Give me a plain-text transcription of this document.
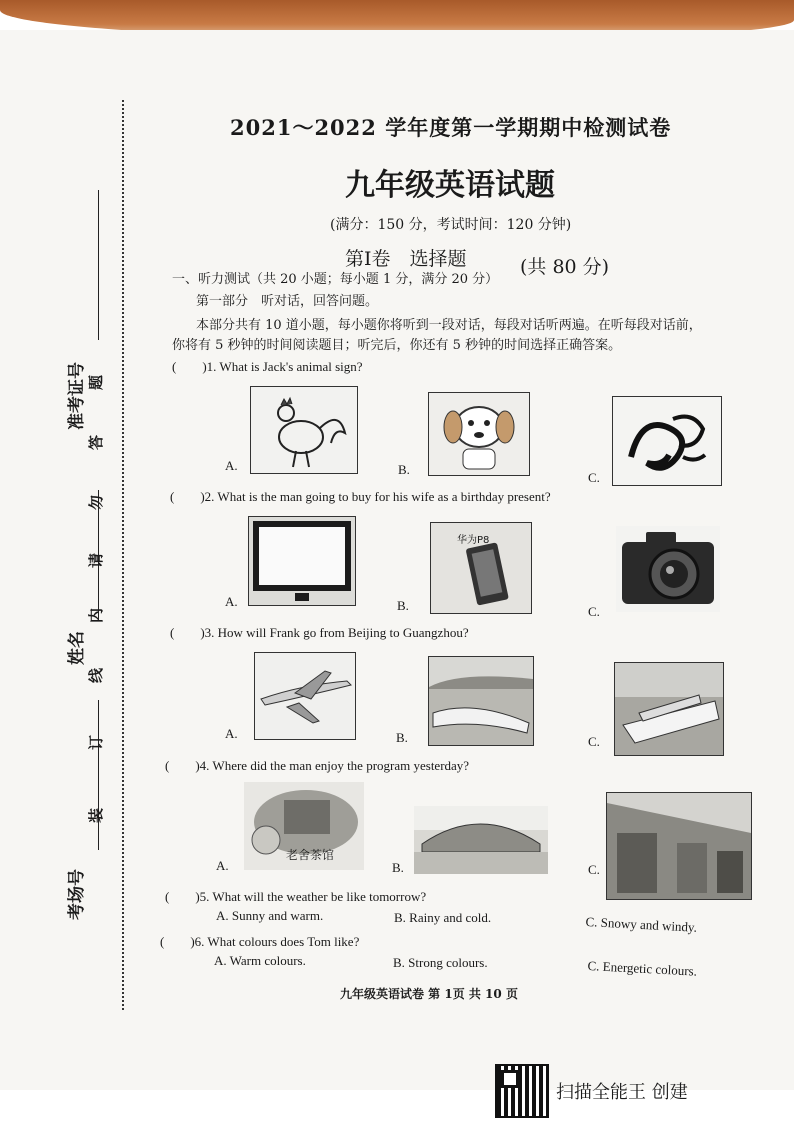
准考证号
姓名
考场号
题
答
勿
请
内
线
订
装
2021～2022 学年度第一学期期中检测试卷
九年级英语试题
(满分：150 分，考试时间：120 分钟)
第Ⅰ卷　选择题	(共 80 分)
一、听力测试（共 20 小题；每小题 1 分，满分 20 分）
第一部分　听对话，回答问题。
本部分共有 10 道小题，每小题你将听到一段对话，每段对话听两遍。在听每段对话前，
你将有 5 秒钟的时间阅读题目；听完后，你还有 5 秒钟的时间选择正确答案。
(　　)1. What is Jack's animal sign?
A.	B.
C.
(　　)2. What is the man going to buy for his wife as a birthday present?
A.	B.
华为P8
C.
(　　)3. How will Frank go from Beijing to Guangzhou?
A.	B.	C.
(　　)4. Where did the man enjoy the program yesterday?
A.
老舍茶馆
B.	C.
(　　)5. What will the weather be like tomorrow?
A. Sunny and warm.	B. Rainy and cold.	C. Snowy and windy.
(　　)6. What colours does Tom like?
A. Warm colours.	B. Strong colours.	C. Energetic colours.
九年级英语试卷 第 1页 共 10 页
扫描全能王 创建
